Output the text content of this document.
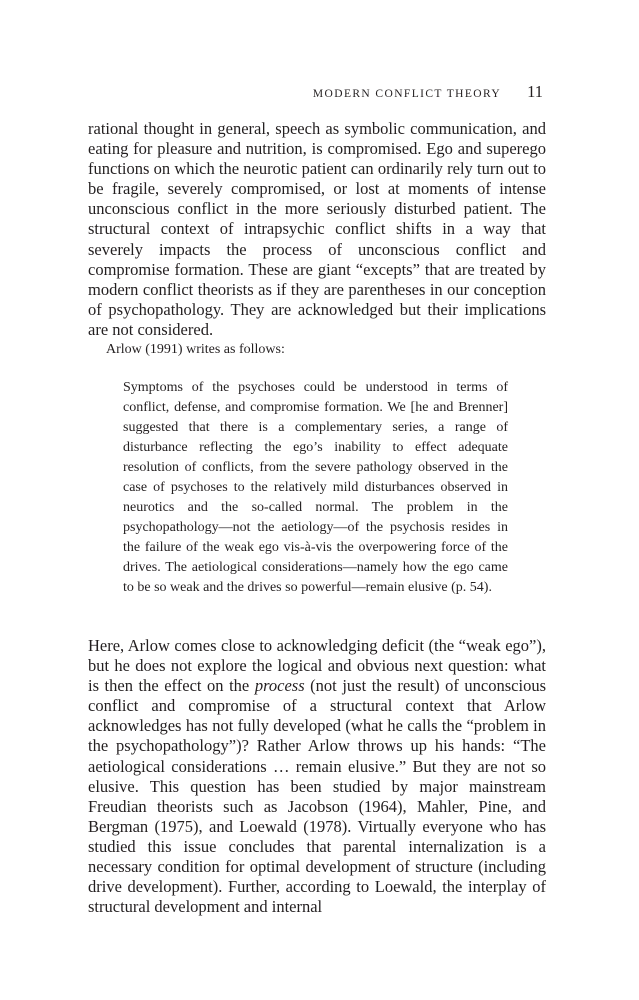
MODERN CONFLICT THEORY 11

rational thought in general, speech as symbolic communication, and eating for pleasure and nutrition, is compromised. Ego and superego functions on which the neurotic patient can ordinarily rely turn out to be fragile, severely compromised, or lost at moments of intense unconscious conflict in the more seriously disturbed patient. The structural context of intrapsychic conflict shifts in a way that severely impacts the process of unconscious conflict and compromise formation. These are giant “excepts” that are treated by modern conflict theorists as if they are parentheses in our conception of psychopathology. They are acknowledged but their implications are not considered.

Arlow (1991) writes as follows:

Symptoms of the psychoses could be understood in terms of conflict, defense, and compromise formation. We [he and Brenner] suggested that there is a complementary series, a range of disturbance reflecting the ego’s inability to effect adequate resolution of conflicts, from the severe pathology observed in the case of psychoses to the relatively mild disturbances observed in neurotics and the so-called normal. The problem in the psychopathology—not the aetiology—of the psychosis resides in the failure of the weak ego vis-à-vis the overpowering force of the drives. The aetiological considerations—namely how the ego came to be so weak and the drives so powerful—remain elusive (p. 54).

Here, Arlow comes close to acknowledging deficit (the “weak ego”), but he does not explore the logical and obvious next question: what is then the effect on the process (not just the result) of unconscious conflict and compromise of a structural context that Arlow acknowledges has not fully developed (what he calls the “problem in the psychopathology”)? Rather Arlow throws up his hands: “The aetiological considerations … remain elusive.” But they are not so elusive. This question has been studied by major mainstream Freudian theorists such as Jacobson (1964), Mahler, Pine, and Bergman (1975), and Loewald (1978). Virtually everyone who has studied this issue concludes that parental internalization is a necessary condition for optimal development of structure (including drive development). Further, according to Loewald, the interplay of structural development and internal
